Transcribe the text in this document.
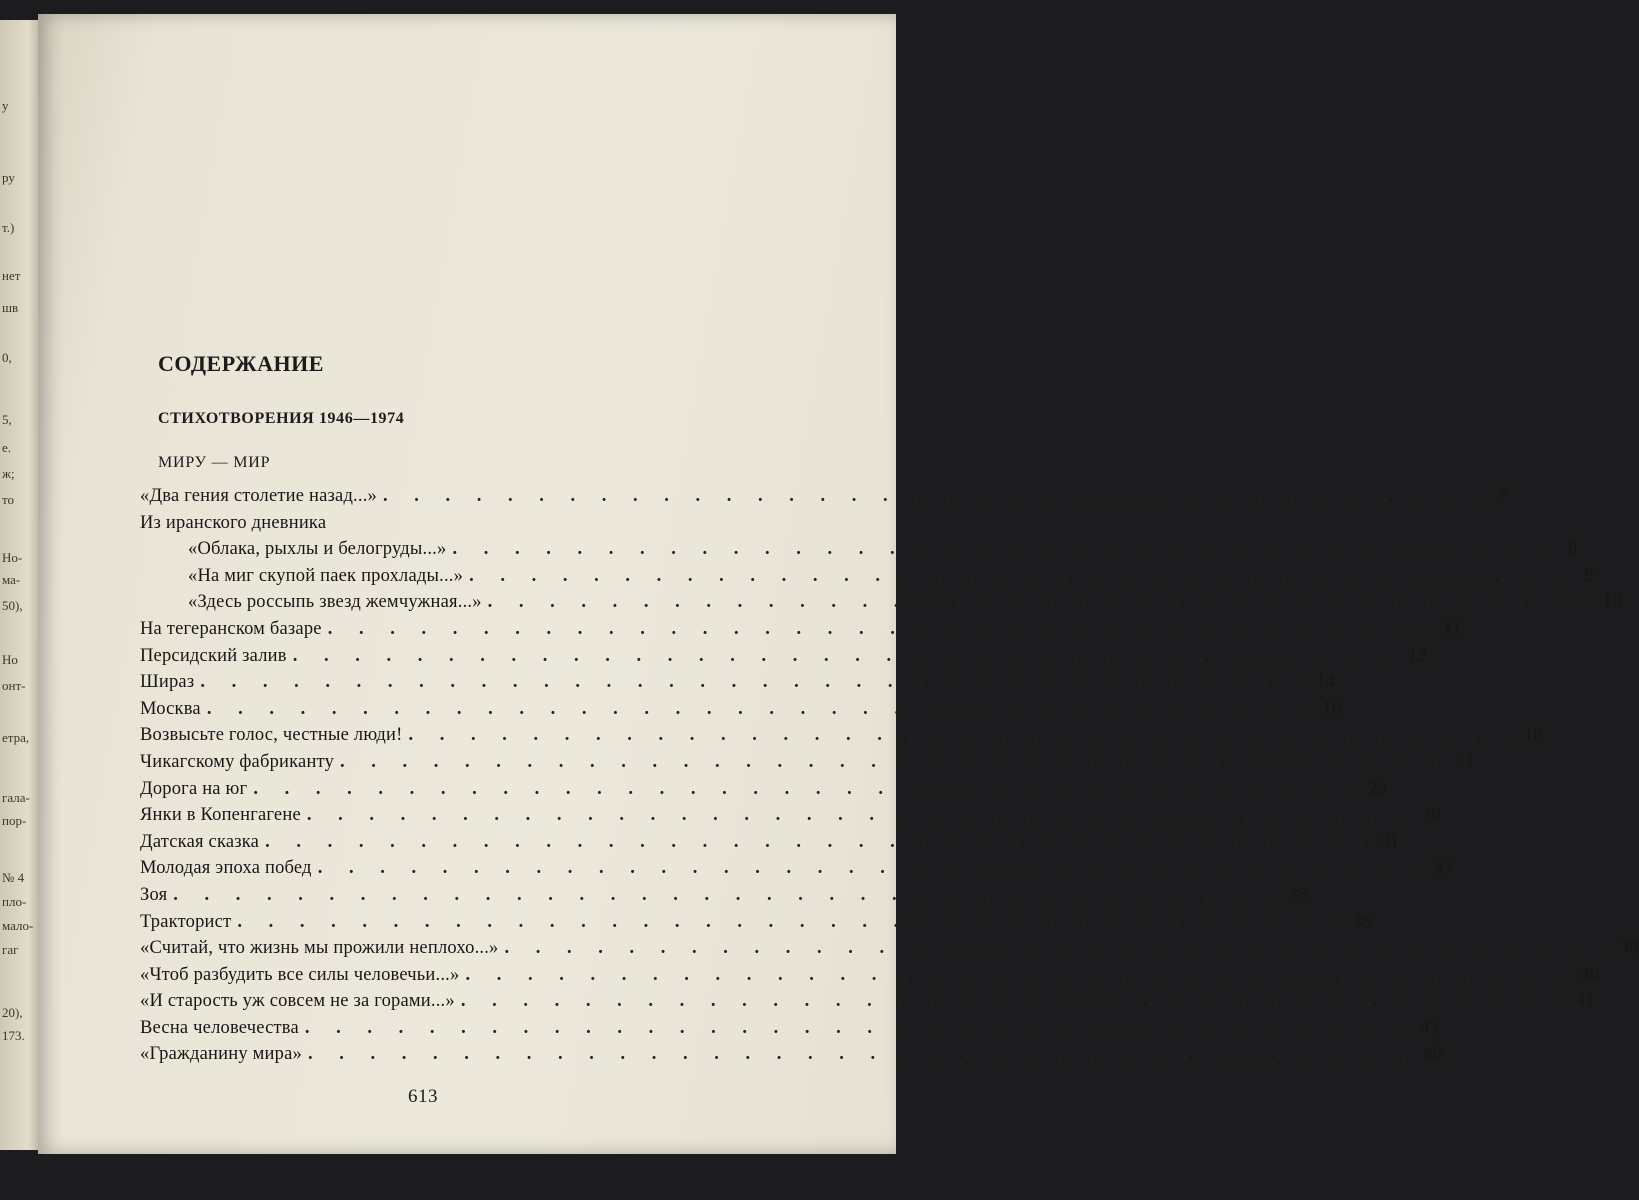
у
ру
т.)
нет
шв
0,
5,
е.
ж;
то
Но-
ма-
50),
Но
онт-
етра,
гала-
пор-
№ 4
пло-
мало-
гаг
20),
173.
СОДЕРЖАНИЕ
СТИХОТВОРЕНИЯ 1946—1974
МИРУ — МИР
«Два гения столетие назад...» . . . . . . . . . . . . . . . . . . . . . . . . . . . . . . . . . . . . 7
Из иранского дневника
«Облака, рыхлы и белогруды...» . . . . . . . . . . . . . . . . . . . . . . . . . . . . . . . . . . . . 8
«На миг скупой паек прохлады...» . . . . . . . . . . . . . . . . . . . . . . . . . . . . . . . . . . . . 9
«Здесь россыпь звезд жемчужная...» . . . . . . . . . . . . . . . . . . . . . . . . . . . . . . . . . . . . 10
На тегеранском базаре . . . . . . . . . . . . . . . . . . . . . . . . . . . . . . . . . . . . 11
Персидский залив . . . . . . . . . . . . . . . . . . . . . . . . . . . . . . . . . . . . 12
Шираз . . . . . . . . . . . . . . . . . . . . . . . . . . . . . . . . . . . . 14
Москва . . . . . . . . . . . . . . . . . . . . . . . . . . . . . . . . . . . . 16
Возвысьте голос, честные люди! . . . . . . . . . . . . . . . . . . . . . . . . . . . . . . . . . . . . 18
Чикагскому фабриканту . . . . . . . . . . . . . . . . . . . . . . . . . . . . . . . . . . . . 21
Дорога на юг . . . . . . . . . . . . . . . . . . . . . . . . . . . . . . . . . . . . 23
Янки в Копенгагене . . . . . . . . . . . . . . . . . . . . . . . . . . . . . . . . . . . . 28
Датская сказка . . . . . . . . . . . . . . . . . . . . . . . . . . . . . . . . . . . . 31
Молодая эпоха побед . . . . . . . . . . . . . . . . . . . . . . . . . . . . . . . . . . . . 33
Зоя . . . . . . . . . . . . . . . . . . . . . . . . . . . . . . . . . . . . 35
Тракторист . . . . . . . . . . . . . . . . . . . . . . . . . . . . . . . . . . . . 36
«Считай, что жизнь мы прожили неплохо...» . . . . . . . . . . . . . . . . . . . . . . . . . . . . . . . . . . . . 38
«Чтоб разбудить все силы человечьи...» . . . . . . . . . . . . . . . . . . . . . . . . . . . . . . . . . . . . 40
«И старость уж совсем не за горами...» . . . . . . . . . . . . . . . . . . . . . . . . . . . . . . . . . . . . 41
Весна человечества . . . . . . . . . . . . . . . . . . . . . . . . . . . . . . . . . . . . 43
«Гражданину мира» . . . . . . . . . . . . . . . . . . . . . . . . . . . . . . . . . . . . 46
613
